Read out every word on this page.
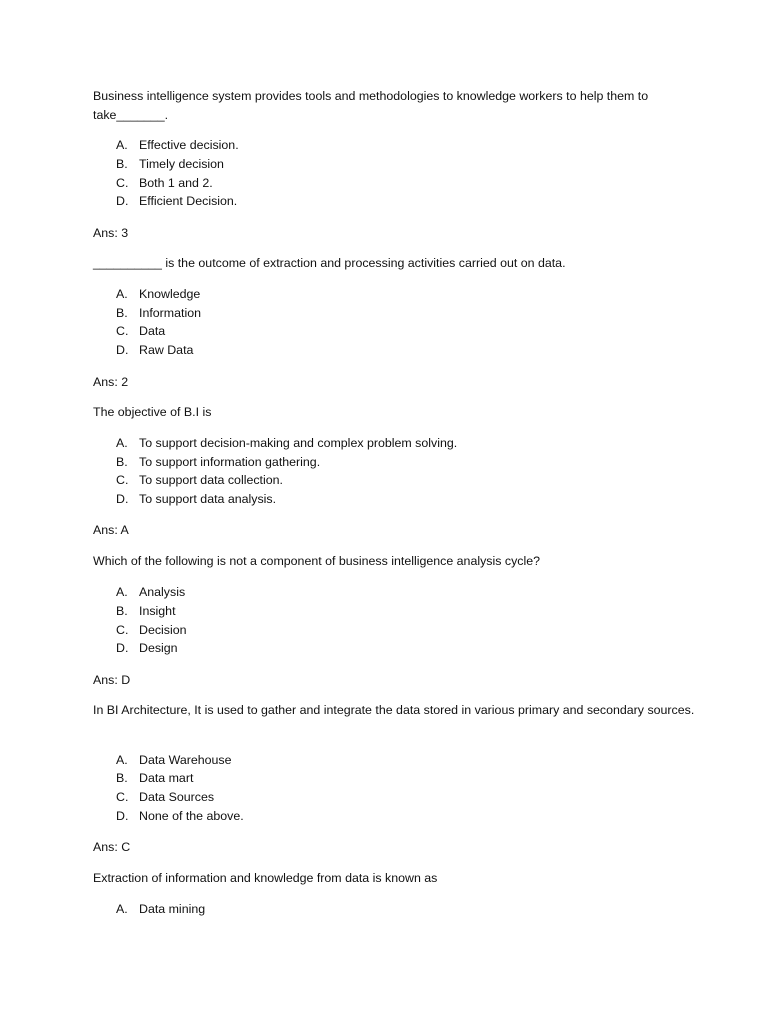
Business intelligence system provides tools and methodologies to knowledge workers to help them to take_______.

A. Effective decision.
B. Timely decision
C. Both 1 and 2.
D. Efficient Decision.

Ans: 3

__________ is the outcome of extraction and processing activities carried out on data.

A. Knowledge
B. Information
C. Data
D. Raw Data

Ans: 2

The objective of B.I is

A. To support decision-making and complex problem solving.
B. To support information gathering.
C. To support data collection.
D. To support data analysis.

Ans: A

Which of the following is not a component of business intelligence analysis cycle?

A. Analysis
B. Insight
C. Decision
D. Design

Ans: D

In BI Architecture, It is used to gather and integrate the data stored in various primary and secondary sources.

A. Data Warehouse
B. Data mart
C. Data Sources
D. None of the above.

Ans: C

Extraction of information and knowledge from data is known as

A. Data mining
